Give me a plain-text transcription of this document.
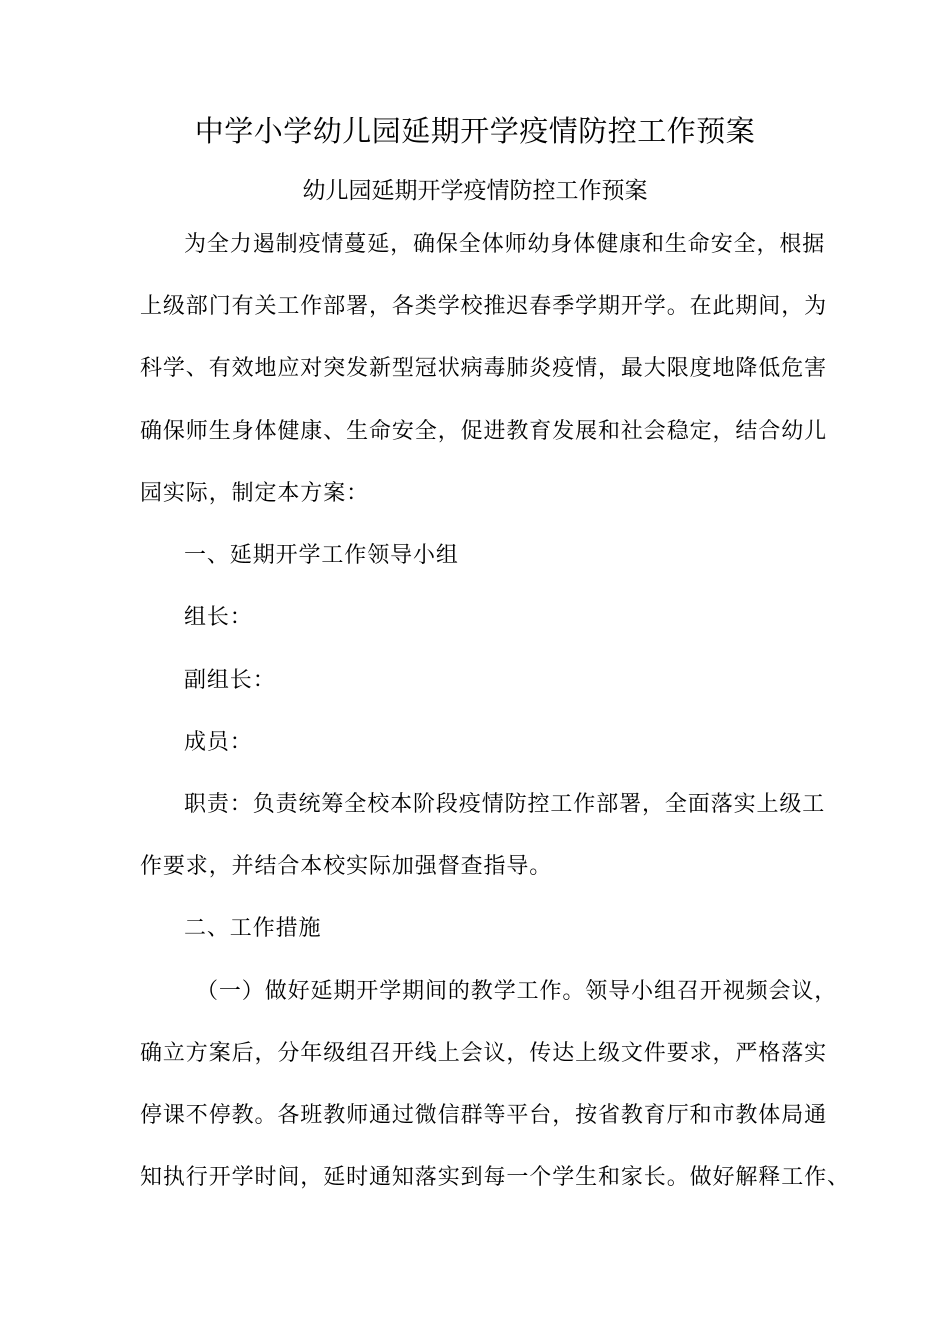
中学小学幼儿园延期开学疫情防控工作预案
幼儿园延期开学疫情防控工作预案
为全力遏制疫情蔓延，确保全体师幼身体健康和生命安全，根据
上级部门有关工作部署，各类学校推迟春季学期开学。在此期间，为
科学、有效地应对突发新型冠状病毒肺炎疫情，最大限度地降低危害
确保师生身体健康、生命安全，促进教育发展和社会稳定，结合幼儿
园实际，制定本方案：
一、延期开学工作领导小组
组长：
副组长：
成员：
职责：负责统筹全校本阶段疫情防控工作部署，全面落实上级工
作要求，并结合本校实际加强督查指导。
二、工作措施
（一）做好延期开学期间的教学工作。领导小组召开视频会议，
确立方案后，分年级组召开线上会议，传达上级文件要求，严格落实
停课不停教。各班教师通过微信群等平台，按省教育厅和市教体局通
知执行开学时间，延时通知落实到每一个学生和家长。做好解释工作、
